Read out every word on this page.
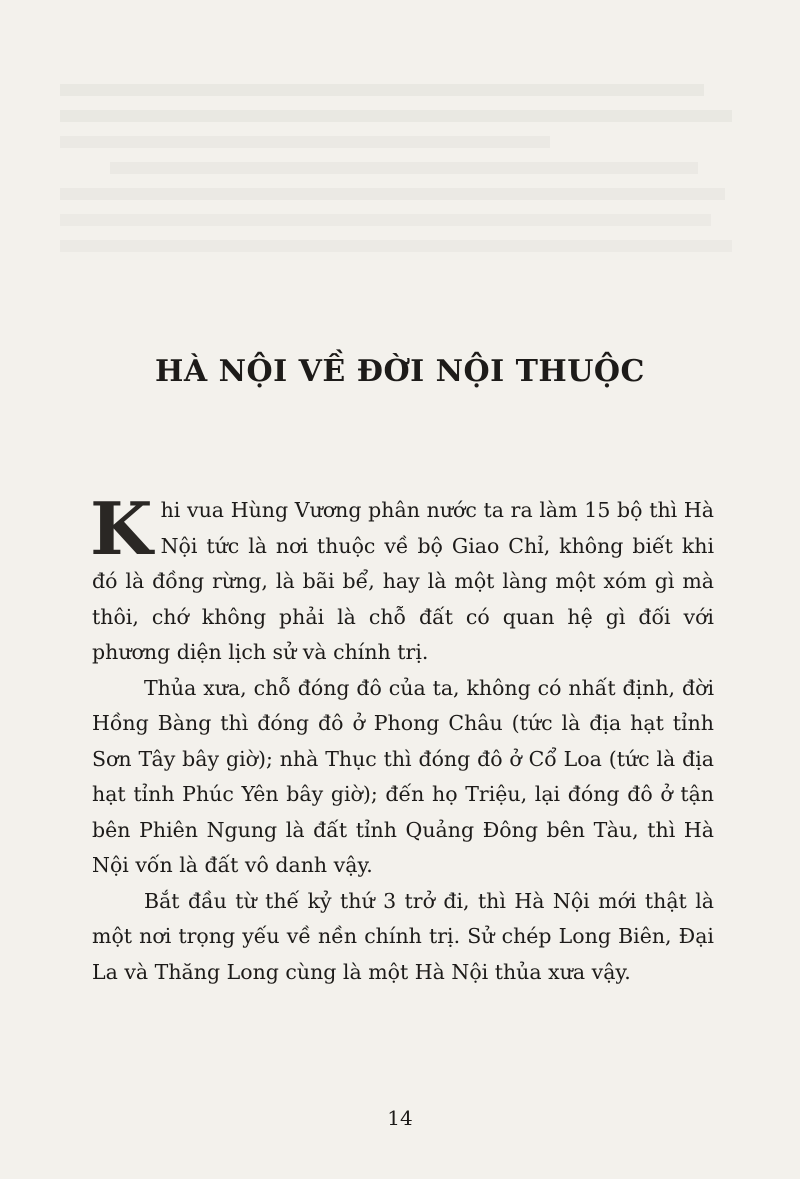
HÀ NỘI VỀ ĐỜI NỘI THUỘC

Khi vua Hùng Vương phân nước ta ra làm 15 bộ thì Hà Nội tức là nơi thuộc về bộ Giao Chỉ, không biết khi đó là đồng rừng, là bãi bể, hay là một làng một xóm gì mà thôi, chớ không phải là chỗ đất có quan hệ gì đối với phương diện lịch sử và chính trị.

Thủa xưa, chỗ đóng đô của ta, không có nhất định, đời Hồng Bàng thì đóng đô ở Phong Châu (tức là địa hạt tỉnh Sơn Tây bây giờ); nhà Thục thì đóng đô ở Cổ Loa (tức là địa hạt tỉnh Phúc Yên bây giờ); đến họ Triệu, lại đóng đô ở tận bên Phiên Ngung là đất tỉnh Quảng Đông bên Tàu, thì Hà Nội vốn là đất vô danh vậy.

Bắt đầu từ thế kỷ thứ 3 trở đi, thì Hà Nội mới thật là một nơi trọng yếu về nền chính trị. Sử chép Long Biên, Đại La và Thăng Long cùng là một Hà Nội thủa xưa vậy.

14
